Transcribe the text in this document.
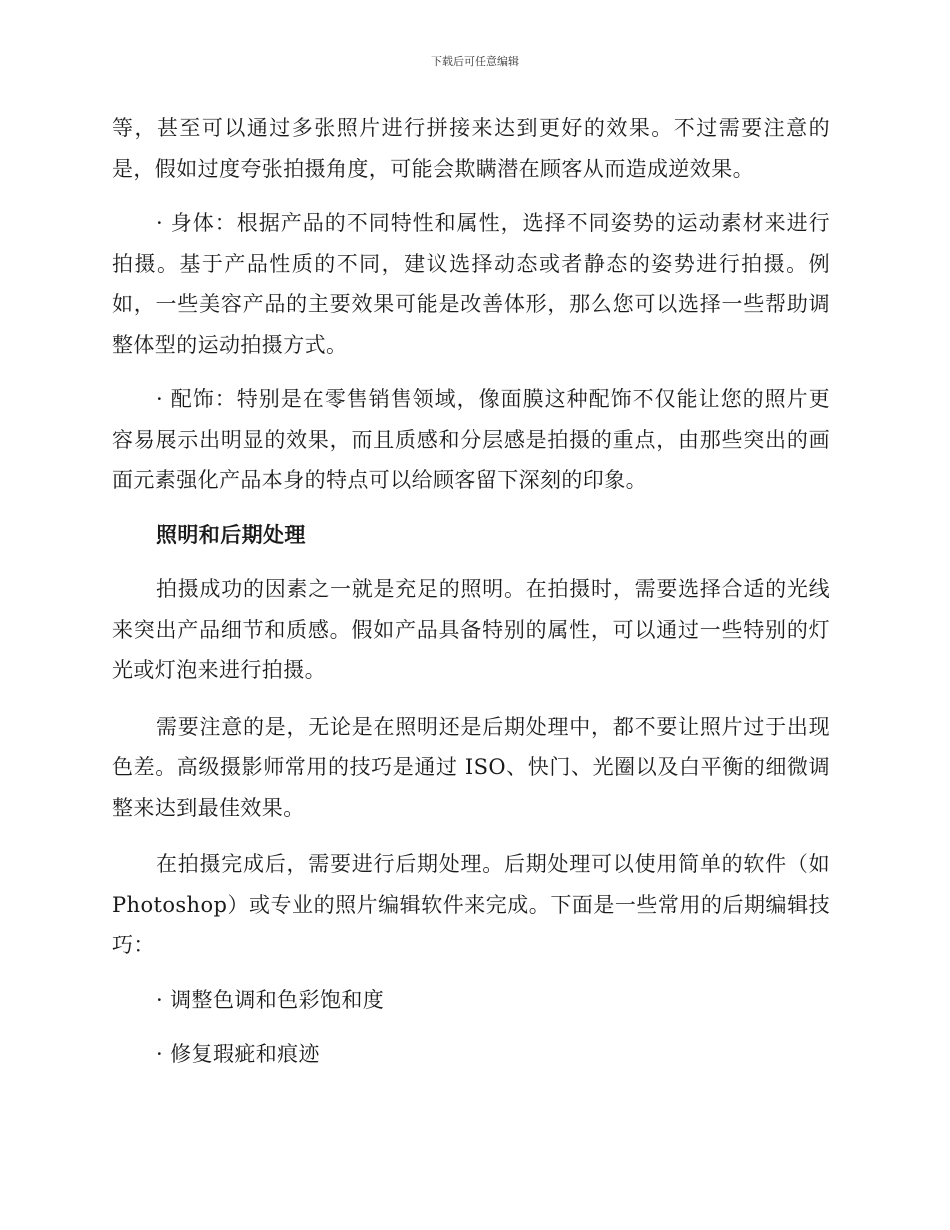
下载后可任意编辑

等，甚至可以通过多张照片进行拼接来达到更好的效果。不过需要注意的是，假如过度夸张拍摄角度，可能会欺瞒潜在顾客从而造成逆效果。

· 身体：根据产品的不同特性和属性，选择不同姿势的运动素材来进行拍摄。基于产品性质的不同，建议选择动态或者静态的姿势进行拍摄。例如，一些美容产品的主要效果可能是改善体形，那么您可以选择一些帮助调整体型的运动拍摄方式。

· 配饰：特别是在零售销售领域，像面膜这种配饰不仅能让您的照片更容易展示出明显的效果，而且质感和分层感是拍摄的重点，由那些突出的画面元素强化产品本身的特点可以给顾客留下深刻的印象。

照明和后期处理

拍摄成功的因素之一就是充足的照明。在拍摄时，需要选择合适的光线来突出产品细节和质感。假如产品具备特别的属性，可以通过一些特别的灯光或灯泡来进行拍摄。

需要注意的是，无论是在照明还是后期处理中，都不要让照片过于出现色差。高级摄影师常用的技巧是通过 ISO、快门、光圈以及白平衡的细微调整来达到最佳效果。

在拍摄完成后，需要进行后期处理。后期处理可以使用简单的软件（如 Photoshop）或专业的照片编辑软件来完成。下面是一些常用的后期编辑技巧：

· 调整色调和色彩饱和度

· 修复瑕疵和痕迹
